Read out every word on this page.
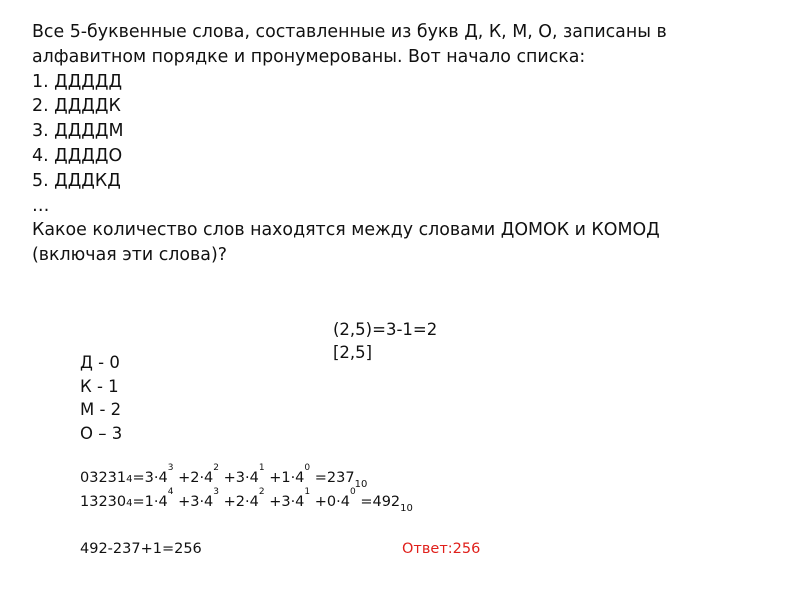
Все 5-буквенные слова, составленные из букв Д, К, М, О, записаны в
алфавитном порядке и пронумерованы. Вот начало списка:
1. ДДДДД
2. ДДДДК
3. ДДДДМ
4. ДДДДО
5. ДДДКД
…
Какое количество слов находятся между словами ДОМОК и КОМОД
(включая эти слова)?
(2,5)=3-1=2
[2,5]
Д - 0
К - 1
М - 2
О – 3
$032314=3\cdot 4^3 +2\cdot 4^2 +3\cdot 4^1 +1\cdot 4^0 =237_{10}$
$132304=1\cdot 4^4 +3\cdot 4^3 +2\cdot 4^2 +3\cdot 4^1 +0\cdot 4^0 =492_{10}$
492-237+1=256	Ответ:256
